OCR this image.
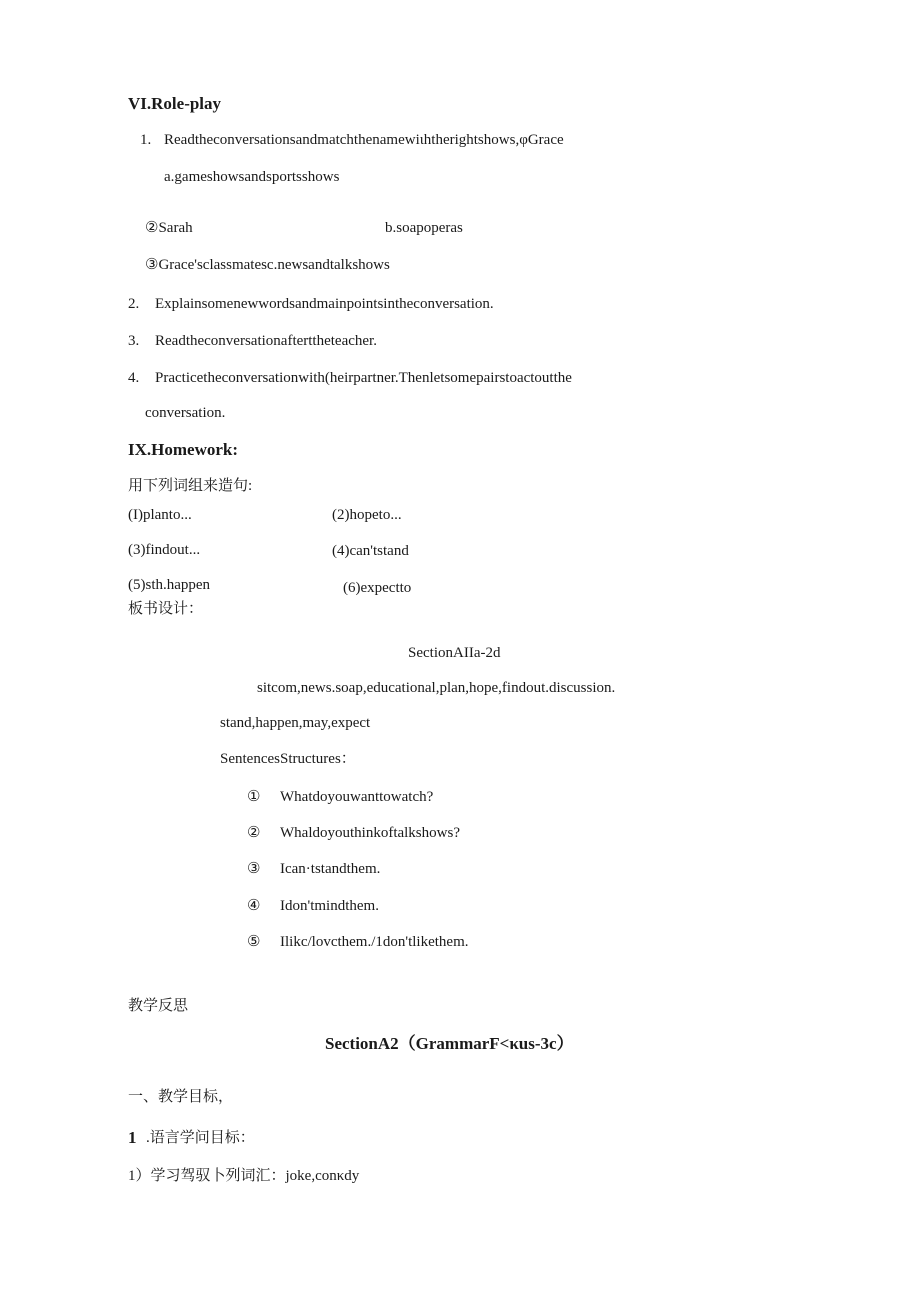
VI.Role-play
1. Readtheconversationsandmatchthenamewiιhtherightshows,φGrace
a.gameshowsandsportsshows
②Sarah	b.soapoperas
③Grace'sclassmatesc.newsandtalkshows
2. Explainsomenewwordsandmainpointsintheconversation.
3. Readtheconversationafterttheteacher.
4. Practicetheconversationwith(heirpartner.Thenletsomepairstoactoutthe
conversation.
IX.Homework:
用下列词组来造句:
(I)planto...	(2)hopeto...
(3)findout...	(4)can'tstand
(5)sth.happen	(6)expectto
板书设计：
SectionAIIa-2d
sitcom,news.soap,educational,plan,hope,findout.discussion.
stand,happen,may,expect
SentencesStructures：
① Whatdoyouwanttowatch?
② Whaldoyouthinkoftalkshows?
③ Ican·tstandthem.
④ Idon'tmindthem.
⑤ Ilikc/lovcthem./1don'tlikethem.
教学反思
SectionA2（GrammarF<κus-3c）
一、教学目标，
1 .语言学问目标：
1）学习驾驭卜列词汇：joke,conκdy
